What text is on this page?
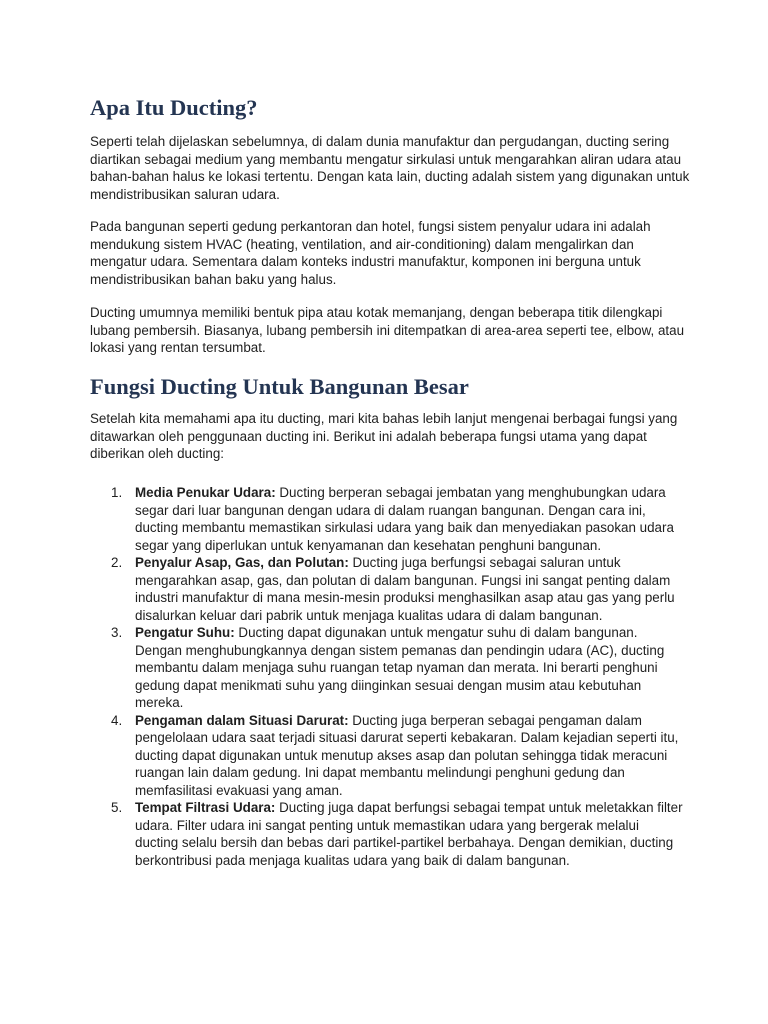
Apa Itu Ducting?

Seperti telah dijelaskan sebelumnya, di dalam dunia manufaktur dan pergudangan, ducting sering diartikan sebagai medium yang membantu mengatur sirkulasi untuk mengarahkan aliran udara atau bahan-bahan halus ke lokasi tertentu. Dengan kata lain, ducting adalah sistem yang digunakan untuk mendistribusikan saluran udara.

Pada bangunan seperti gedung perkantoran dan hotel, fungsi sistem penyalur udara ini adalah mendukung sistem HVAC (heating, ventilation, and air-conditioning) dalam mengalirkan dan mengatur udara. Sementara dalam konteks industri manufaktur, komponen ini berguna untuk mendistribusikan bahan baku yang halus.

Ducting umumnya memiliki bentuk pipa atau kotak memanjang, dengan beberapa titik dilengkapi lubang pembersih. Biasanya, lubang pembersih ini ditempatkan di area-area seperti tee, elbow, atau lokasi yang rentan tersumbat.

Fungsi Ducting Untuk Bangunan Besar

Setelah kita memahami apa itu ducting, mari kita bahas lebih lanjut mengenai berbagai fungsi yang ditawarkan oleh penggunaan ducting ini. Berikut ini adalah beberapa fungsi utama yang dapat diberikan oleh ducting:

1. Media Penukar Udara: Ducting berperan sebagai jembatan yang menghubungkan udara segar dari luar bangunan dengan udara di dalam ruangan bangunan. Dengan cara ini, ducting membantu memastikan sirkulasi udara yang baik dan menyediakan pasokan udara segar yang diperlukan untuk kenyamanan dan kesehatan penghuni bangunan.
2. Penyalur Asap, Gas, dan Polutan: Ducting juga berfungsi sebagai saluran untuk mengarahkan asap, gas, dan polutan di dalam bangunan. Fungsi ini sangat penting dalam industri manufaktur di mana mesin-mesin produksi menghasilkan asap atau gas yang perlu disalurkan keluar dari pabrik untuk menjaga kualitas udara di dalam bangunan.
3. Pengatur Suhu: Ducting dapat digunakan untuk mengatur suhu di dalam bangunan. Dengan menghubungkannya dengan sistem pemanas dan pendingin udara (AC), ducting membantu dalam menjaga suhu ruangan tetap nyaman dan merata. Ini berarti penghuni gedung dapat menikmati suhu yang diinginkan sesuai dengan musim atau kebutuhan mereka.
4. Pengaman dalam Situasi Darurat: Ducting juga berperan sebagai pengaman dalam pengelolaan udara saat terjadi situasi darurat seperti kebakaran. Dalam kejadian seperti itu, ducting dapat digunakan untuk menutup akses asap dan polutan sehingga tidak meracuni ruangan lain dalam gedung. Ini dapat membantu melindungi penghuni gedung dan memfasilitasi evakuasi yang aman.
5. Tempat Filtrasi Udara: Ducting juga dapat berfungsi sebagai tempat untuk meletakkan filter udara. Filter udara ini sangat penting untuk memastikan udara yang bergerak melalui ducting selalu bersih dan bebas dari partikel-partikel berbahaya. Dengan demikian, ducting berkontribusi pada menjaga kualitas udara yang baik di dalam bangunan.
